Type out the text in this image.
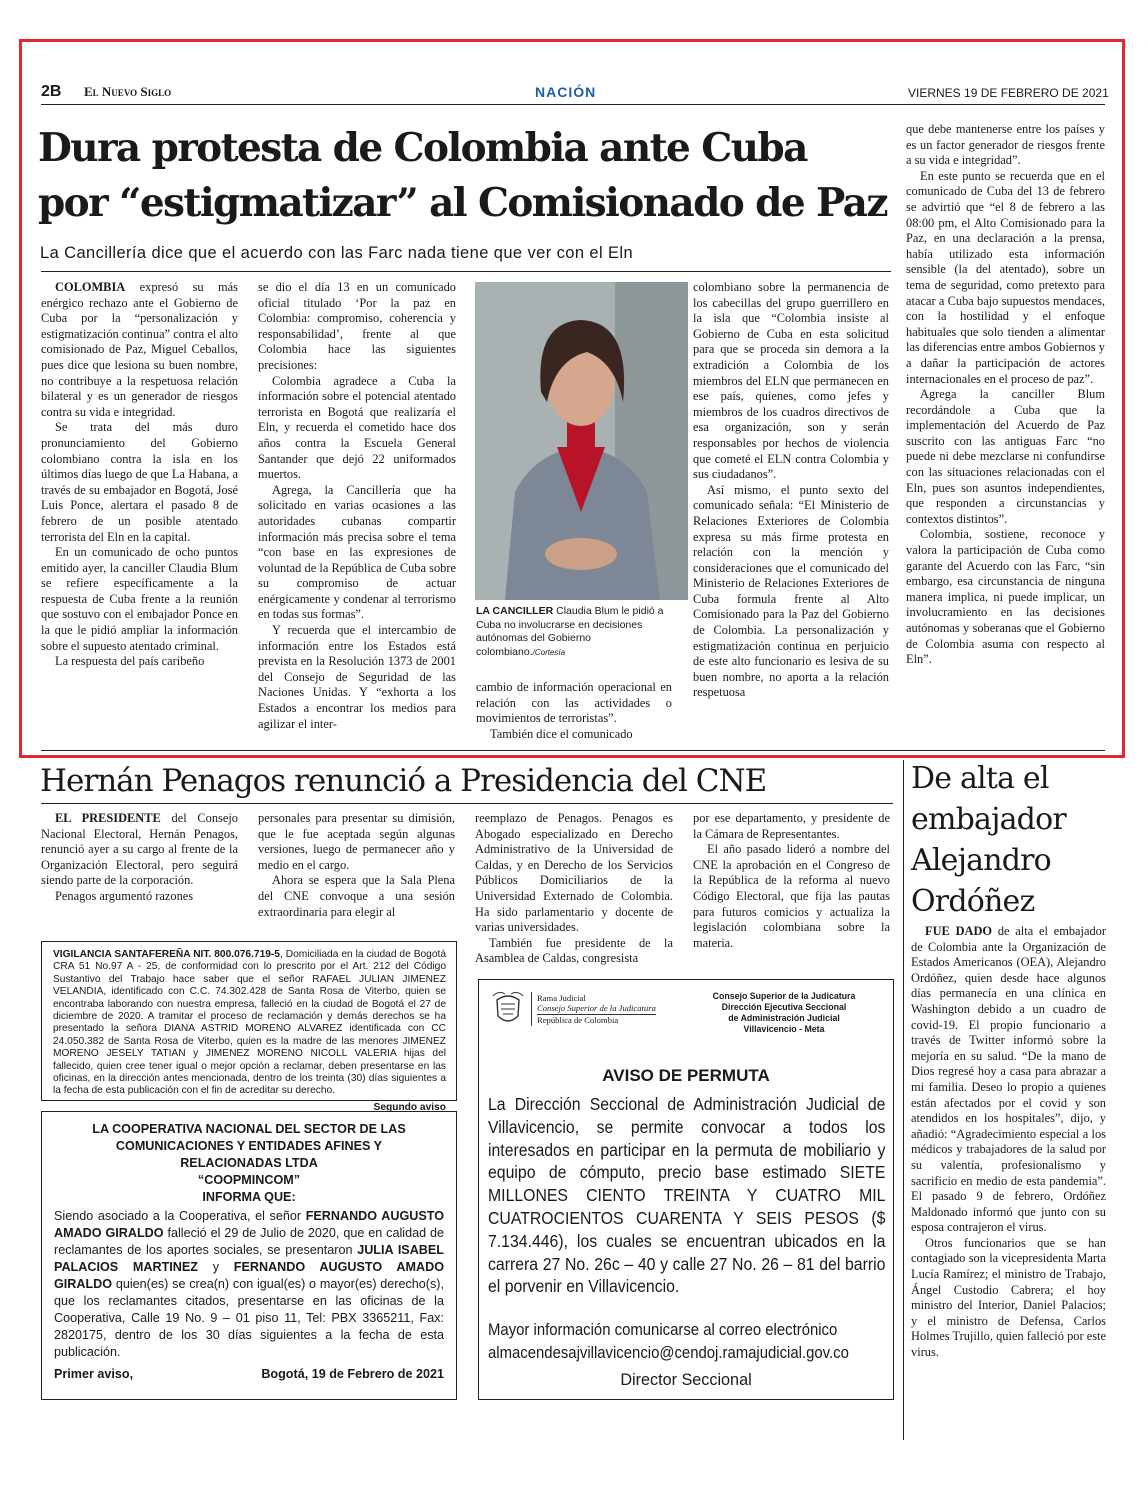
2B El Nuevo Siglo	NACIÓN	VIERNES 19 DE FEBRERO DE 2021
Dura protesta de Colombia ante Cuba
por “estigmatizar” al Comisionado de Paz
La Cancillería dice que el acuerdo con las Farc nada tiene que ver con el Eln

COLOMBIA expresó su más enérgico rechazo ante el Gobierno de Cuba por la “personalización y estigmatización continua” contra el alto comisionado de Paz, Miguel Ceballos, pues dice que lesiona su buen nombre, no contribuye a la respetuosa relación bilateral y es un generador de riesgos contra su vida e integridad.

Se trata del más duro pronunciamiento del Gobierno colombiano contra la isla en los últimos días luego de que La Habana, a través de su embajador en Bogotá, José Luis Ponce, alertara el pasado 8 de febrero de un posible atentado terrorista del Eln en la capital.

En un comunicado de ocho puntos emitido ayer, la canciller Claudia Blum se refiere específicamente a la respuesta de Cuba frente a la reunión que sostuvo con el embajador Ponce en la que le pidió ampliar la información sobre el supuesto atentado criminal.

La respuesta del país caribeño

se dio el día 13 en un comunicado oficial titulado ‘Por la paz en Colombia: compromiso, coherencia y responsabilidad’, frente al que Colombia hace las siguientes precisiones:

Colombia agradece a Cuba la información sobre el potencial atentado terrorista en Bogotá que realizaría el Eln, y recuerda el cometido hace dos años contra la Escuela General Santander que dejó 22 uniformados muertos.

Agrega, la Cancillería que ha solicitado en varias ocasiones a las autoridades cubanas compartir información más precisa sobre el tema “con base en las expresiones de voluntad de la República de Cuba sobre su compromiso de actuar enérgicamente y condenar al terrorismo en todas sus formas”.

Y recuerda que el intercambio de información entre los Estados está prevista en la Resolución 1373 de 2001 del Consejo de Seguridad de las Naciones Unidas. Y “exhorta a los Estados a encontrar los medios para agilizar el inter-

LA CANCILLER Claudia Blum le pidió a Cuba no involucrarse en decisiones autónomas del Gobierno colombiano./Cortesía

cambio de información operacional en relación con las actividades o movimientos de terroristas”.

También dice el comunicado

colombiano sobre la permanencia de los cabecillas del grupo guerrillero en la isla que “Colombia insiste al Gobierno de Cuba en esta solicitud para que se proceda sin demora a la extradición a Colombia de los miembros del ELN que permanecen en ese país, quienes, como jefes y miembros de los cuadros directivos de esa organización, son y serán responsables por hechos de violencia que cometé el ELN contra Colombia y sus ciudadanos”.

Así mismo, el punto sexto del comunicado señala: “El Ministerio de Relaciones Exteriores de Colombia expresa su más firme protesta en relación con la mención y consideraciones que el comunicado del Ministerio de Relaciones Exteriores de Cuba formula frente al Alto Comisionado para la Paz del Gobierno de Colombia. La personalización y estigmatización continua en perjuicio de este alto funcionario es lesiva de su buen nombre, no aporta a la relación respetuosa

que debe mantenerse entre los países y es un factor generador de riesgos frente a su vida e integridad”.

En este punto se recuerda que en el comunicado de Cuba del 13 de febrero se advirtió que “el 8 de febrero a las 08:00 pm, el Alto Comisionado para la Paz, en una declaración a la prensa, había utilizado esta información sensible (la del atentado), sobre un tema de seguridad, como pretexto para atacar a Cuba bajo supuestos mendaces, con la hostilidad y el enfoque habituales que solo tienden a alimentar las diferencias entre ambos Gobiernos y a dañar la participación de actores internacionales en el proceso de paz”.

Agrega la canciller Blum recordándole a Cuba que la implementación del Acuerdo de Paz suscrito con las antiguas Farc “no puede ni debe mezclarse ni confundirse con las situaciones relacionadas con el Eln, pues son asuntos independientes, que responden a circunstancias y contextos distintos”.

Colombia, sostiene, reconoce y valora la participación de Cuba como garante del Acuerdo con las Farc, “sin embargo, esa circunstancia de ninguna manera implica, ni puede implicar, un involucramiento en las decisiones autónomas y soberanas que el Gobierno de Colombia asuma con respecto al Eln”.

Hernán Penagos renunció a Presidencia del CNE

EL PRESIDENTE del Consejo Nacional Electoral, Hernán Penagos, renunció ayer a su cargo al frente de la Organización Electoral, pero seguirá siendo parte de la corporación.

Penagos argumentó razones

personales para presentar su dimisión, que le fue aceptada según algunas versiones, luego de permanecer año y medio en el cargo.

Ahora se espera que la Sala Plena del CNE convoque a una sesión extraordinaria para elegir al

reemplazo de Penagos. Penagos es Abogado especializado en Derecho Administrativo de la Universidad de Caldas, y en Derecho de los Servicios Públicos Domiciliarios de la Universidad Externado de Colombia. Ha sido parlamentario y docente de varias universidades.

También fue presidente de la Asamblea de Caldas, congresista

por ese departamento, y presidente de la Cámara de Representantes.

El año pasado lideró a nombre del CNE la aprobación en el Congreso de la República de la reforma al nuevo Código Electoral, que fija las pautas para futuros comicios y actualiza la legislación colombiana sobre la materia.

De alta el embajador Alejandro Ordóñez

FUE DADO de alta el embajador de Colombia ante la Organización de Estados Americanos (OEA), Alejandro Ordóñez, quien desde hace algunos días permanecía en una clínica en Washington debido a un cuadro de covid-19. El propio funcionario a través de Twitter informó sobre la mejoría en su salud. “De la mano de Dios regresé hoy a casa para abrazar a mi familia. Deseo lo propio a quienes están afectados por el covid y son atendidos en los hospitales”, dijo, y añadió: “Agradecimiento especial a los médicos y trabajadores de la salud por su valentía, profesionalismo y sacrificio en medio de esta pandemia”. El pasado 9 de febrero, Ordóñez Maldonado informó que junto con su esposa contrajeron el virus.

Otros funcionarios que se han contagiado son la vicepresidenta Marta Lucía Ramírez; el ministro de Trabajo, Ángel Custodio Cabrera; el hoy ministro del Interior, Daniel Palacios; y el ministro de Defensa, Carlos Holmes Trujillo, quien falleció por este virus.

VIGILANCIA SANTAFEREÑA NIT. 800.076.719-5, Domiciliada en la ciudad de Bogotá CRA 51 No.97 A - 25, de conformidad con lo prescrito por el Art. 212 del Código Sustantivo del Trabajo hace saber que el señor RAFAEL JULIAN JIMENEZ VELANDIA, identificado con C.C. 74.302.428 de Santa Rosa de Viterbo, quien se encontraba laborando con nuestra empresa, falleció en la ciudad de Bogotá el 27 de diciembre de 2020. A tramitar el proceso de reclamación y demás derechos se ha presentado la señora DIANA ASTRID MORENO ALVAREZ identificada con CC 24.050.382 de Santa Rosa de Viterbo, quien es la madre de las menores JIMENEZ MORENO JESELY TATIAN y JIMENEZ MORENO NICOLL VALERIA hijas del fallecido, quien cree tener igual o mejor opción a reclamar, deben presentarse en las oficinas, en la dirección antes mencionada, dentro de los treinta (30) días siguientes a la fecha de esta publicación con el fin de acreditar su derecho.
Segundo aviso
LA COOPERATIVA NACIONAL DEL SECTOR DE LAS COMUNICACIONES Y ENTIDADES AFINES Y RELACIONADAS LTDA
“COOPMINCOM”
INFORMA QUE:
Siendo asociado a la Cooperativa, el señor FERNANDO AUGUSTO AMADO GIRALDO falleció el 29 de Julio de 2020, que en calidad de reclamantes de los aportes sociales, se presentaron JULIA ISABEL PALACIOS MARTINEZ y FERNANDO AUGUSTO AMADO GIRALDO quien(es) se crea(n) con igual(es) o mayor(es) derecho(s), que los reclamantes citados, presentarse en las oficinas de la Cooperativa, Calle 19 No. 9 – 01 piso 11, Tel: PBX 3365211, Fax: 2820175, dentro de los 30 días siguientes a la fecha de esta publicación.
Primer aviso,	Bogotá, 19 de Febrero de 2021
Rama Judicial
Consejo Superior de la Judicatura
República de Colombia
Consejo Superior de la Judicatura
Dirección Ejecutiva Seccional
de Administración Judicial
Villavicencio - Meta
AVISO DE PERMUTA
La Dirección Seccional de Administración Judicial de Villavicencio, se permite convocar a todos los interesados en participar en la permuta de mobiliario y equipo de cómputo, precio base estimado SIETE MILLONES CIENTO TREINTA Y CUATRO MIL CUATROCIENTOS CUARENTA Y SEIS PESOS ($ 7.134.446), los cuales se encuentran ubicados en la carrera 27 No. 26c – 40 y calle 27 No. 26 – 81 del barrio el porvenir en Villavicencio.
Mayor información comunicarse al correo electrónico
almacendesajvillavicencio@cendoj.ramajudicial.gov.co
Director Seccional
